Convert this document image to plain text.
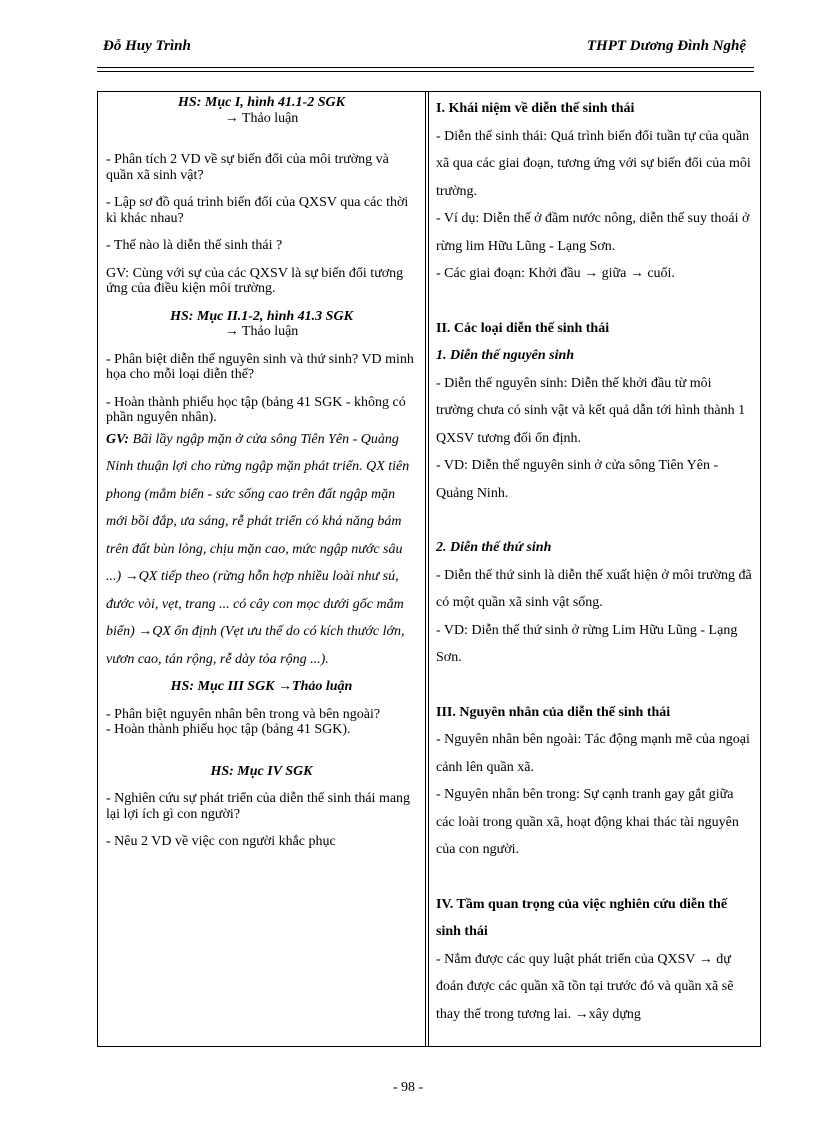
Đỗ Huy Trình	THPT Dương Đình Nghệ
HS: Mục I, hình 41.1-2 SGK
→ Thảo luận
- Phân tích 2 VD về sự biến đổi của môi trường và quần xã sinh vật?
- Lập sơ đồ quá trình biến đổi của QXSV qua các thời kì khác nhau?
- Thế nào là diễn thế sinh thái ?
GV: Cùng với sự của các QXSV là sự biến đổi tương ứng của điều kiện môi trường.
HS: Mục II.1-2, hình 41.3 SGK
→ Thảo luận
- Phân biệt diễn thế nguyên sinh và thứ sinh? VD minh họa cho mỗi loại diễn thế?
- Hoàn thành phiếu học tập (bảng 41 SGK - không có phần nguyên nhân).
GV: Bãi lầy ngập mặn ở cửa sông Tiên Yên - Quảng Ninh thuận lợi cho rừng ngập mặn phát triển. QX tiên phong (mắm biển - sức sống cao trên đất ngập mặn mới bồi đắp, ưa sáng, rễ phát triển có khả năng bám trên đất bùn lỏng, chịu mặn cao, mức ngập nước sâu ...) →QX tiếp theo (rừng hỗn hợp nhiều loài như sú, đước vòi, vẹt, trang ... có cây con mọc dưới gốc mắm biển) →QX ổn định (Vẹt ưu thế do có kích thước lớn, vươn cao, tán rộng, rễ dày tỏa rộng ...).
HS: Mục III SGK →Thảo luận
- Phân biệt nguyên nhân bên trong và bên ngoài?
- Hoàn thành phiếu học tập (bảng 41 SGK).
HS: Mục IV SGK
- Nghiên cứu sự phát triển của diễn thế sinh thái mang lại lợi ích gì con người?
- Nêu 2 VD về việc con người khắc phục
I. Khái niệm về diễn thế sinh thái
- Diễn thế sinh thái: Quá trình biến đổi tuần tự của quần xã qua các giai đoạn, tương ứng với sự biến đổi của môi trường.
- Ví dụ: Diễn thế ở đầm nước nông, diễn thế suy thoái ở rừng lim Hữu Lũng - Lạng Sơn.
- Các giai đoạn: Khởi đầu → giữa → cuối.
II. Các loại diễn thế sinh thái
1. Diễn thế nguyên sinh
- Diễn thế nguyên sinh: Diễn thế khởi đầu từ môi trường chưa có sinh vật và kết quả dẫn tới hình thành 1 QXSV tương đối ổn định.
- VD: Diễn thế nguyên sinh ở cửa sông Tiên Yên - Quảng Ninh.
2. Diễn thế thứ sinh
- Diễn thế thứ sinh là diễn thế xuất hiện ở môi trường đã có một quần xã sinh vật sống.
- VD: Diễn thế thứ sinh ở rừng Lim Hữu Lũng - Lạng Sơn.
III. Nguyên nhân của diễn thế sinh thái
- Nguyên nhân bên ngoài: Tác động mạnh mẽ của ngoại cảnh lên quần xã.
- Nguyên nhân bên trong: Sự cạnh tranh gay gắt giữa các loài trong quần xã, hoạt động khai thác tài nguyên của con người.
IV. Tầm quan trọng của việc nghiên cứu diễn thế sinh thái
- Nắm được các quy luật phát triển của QXSV → dự đoán được các quần xã tồn tại trước đó và quần xã sẽ thay thế trong tương lai. →xây dựng
- 98 -
